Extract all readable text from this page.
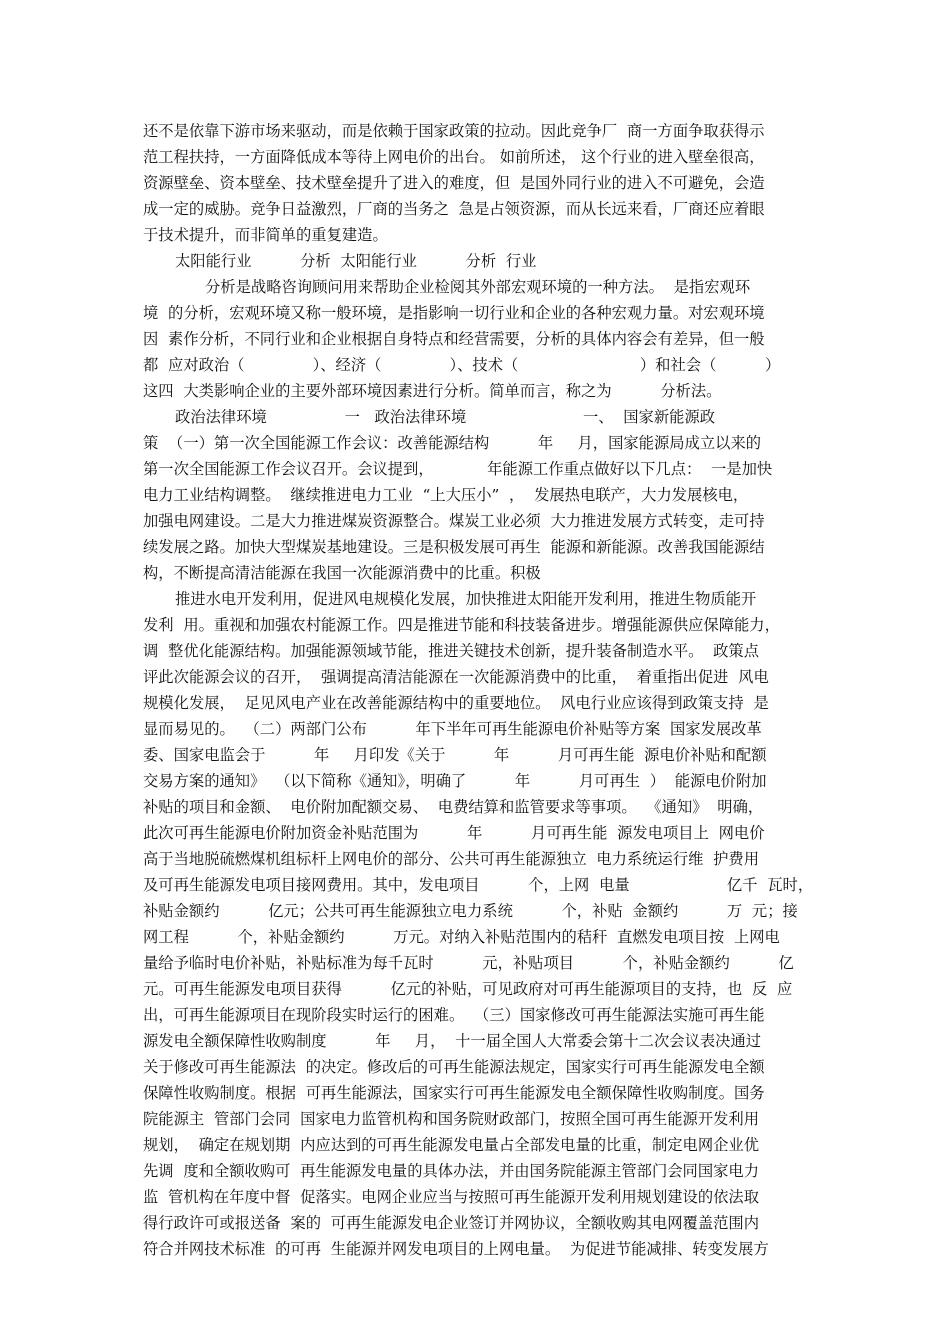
还不是依靠下游市场来驱动，而是依赖于国家政策的拉动。因此竞争厂  商一方面争取获得示
范工程扶持，一方面降低成本等待上网电价的出台。 如前所述， 这个行业的进入壁垒很高，
资源壁垒、资本壁垒、技术壁垒提升了进入的难度，但  是国外同行业的进入不可避免，会造
成一定的威胁。竞争日益激烈，厂商的当务之  急是占领资源，而从长远来看，厂商还应着眼
于技术提升，而非简单的重复建造。
太阳能行业          分析  太阳能行业          分析  行业
分析是战略咨询顾问用来帮助企业检阅其外部宏观环境的一种方法。  是指宏观环
境  的分析，宏观环境又称一般环境，是指影响一切行业和企业的各种宏观力量。对宏观环境
因  素作分析，不同行业和企业根据自身特点和经营需要，分析的具体内容会有差异，但一般
都  应对政治（              ）、经济（              ）、技术（                         ）和社会（          ）
这四  大类影响企业的主要外部环境因素进行分析。简单而言，称之为          分析法。
政治法律环境                一   政治法律环境                        一、  国家新能源政
策  （一）第一次全国能源工作会议：改善能源结构          年     月，国家能源局成立以来的
第一次全国能源工作会议召开。会议提到，           年能源工作重点做好以下几点：  一是加快
电力工业结构调整。  继续推进电力工业  “上大压小”  ，  发展热电联产，大力发展核电，
加强电网建设。二是大力推进煤炭资源整合。煤炭工业必须  大力推进发展方式转变，走可持
续发展之路。加快大型煤炭基地建设。三是积极发展可再生  能源和新能源。改善我国能源结
构，不断提高清洁能源在我国一次能源消费中的比重。积极
推进水电开发利用，促进风电规模化发展，加快推进太阳能开发利用，推进生物质能开
发利  用。重视和加强农村能源工作。四是推进节能和科技装备进步。增强能源供应保障能力，
调  整优化能源结构。加强能源领域节能，推进关键技术创新，提升装备制造水平。  政策点
评此次能源会议的召开，  强调提高清洁能源在一次能源消费中的比重，  着重指出促进  风电
规模化发展，  足见风电产业在改善能源结构中的重要地位。  风电行业应该得到政策支持  是
显而易见的。  （二）两部门公布          年下半年可再生能源电价补贴等方案  国家发展改革
委、国家电监会于          年     月印发《关于          年          月可再生能  源电价补贴和配额
交易方案的通知》  （以下简称《通知》，明确了          年          月可再生  ）  能源电价附加
补贴的项目和金额、  电价附加配额交易、  电费结算和监管要求等事项。  《通知》  明确，
此次可再生能源电价附加资金补贴范围为          年          月可再生能  源发电项目上  网电价
高于当地脱硫燃煤机组标杆上网电价的部分、公共可再生能源独立  电力系统运行维  护费用
及可再生能源发电项目接网费用。其中，发电项目          个，上网  电量                    亿千  瓦时，
补贴金额约          亿元；公共可再生能源独立电力系统          个，补贴  金额约          万  元；接
网工程          个，补贴金额约          万元。对纳入补贴范围内的秸秆  直燃发电项目按  上网电
量给予临时电价补贴，补贴标准为每千瓦时          元，补贴项目          个，补贴金额约          亿
元。可再生能源发电项目获得          亿元的补贴，可见政府对可再生能源项目的支持，也  反  应
出，可再生能源项目在现阶段实时运行的困难。  （三）国家修改可再生能源法实施可再生能
源发电全额保障性收购制度          年     月，  十一届全国人大常委会第十二次会议表决通过
关于修改可再生能源法  的决定。修改后的可再生能源法规定，国家实行可再生能源发电全额
保障性收购制度。根据  可再生能源法，国家实行可再生能源发电全额保障性收购制度。国务
院能源主  管部门会同  国家电力监管机构和国务院财政部门，按照全国可再生能源开发利用
规划，  确定在规划期  内应达到的可再生能源发电量占全部发电量的比重，制定电网企业优
先调  度和全额收购可  再生能源发电量的具体办法，并由国务院能源主管部门会同国家电力
监  管机构在年度中督  促落实。电网企业应当与按照可再生能源开发利用规划建设的依法取
得行政许可或报送备  案的  可再生能源发电企业签订并网协议，全额收购其电网覆盖范围内
符合并网技术标准  的可再  生能源并网发电项目的上网电量。  为促进节能减排、转变发展方
